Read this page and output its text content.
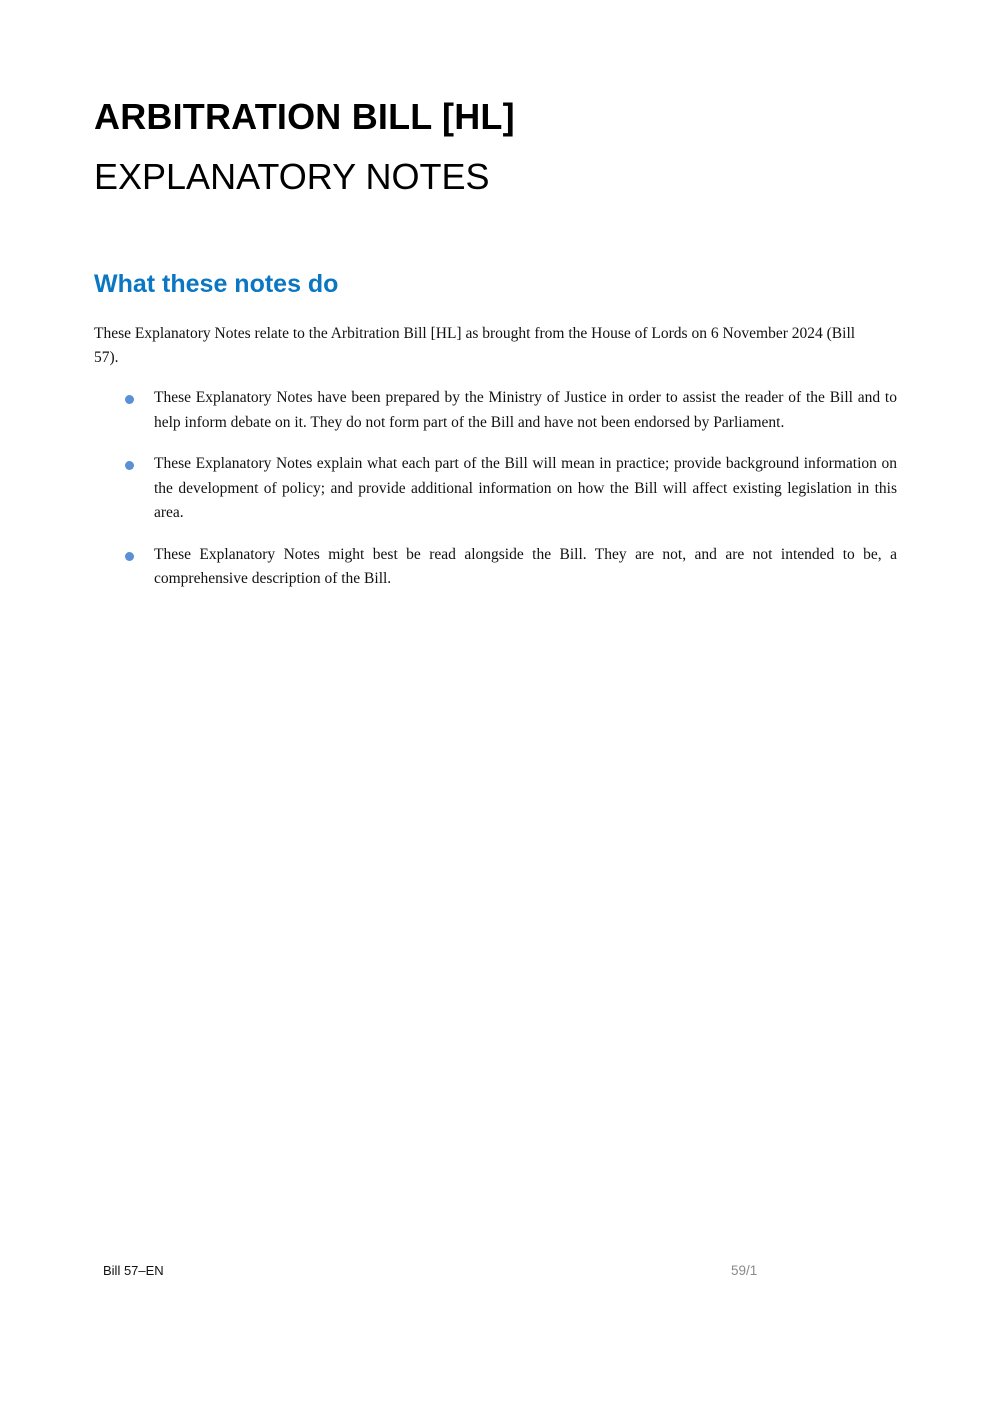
ARBITRATION BILL [HL]
EXPLANATORY NOTES
What these notes do

These Explanatory Notes relate to the Arbitration Bill [HL] as brought from the House of Lords on 6 November 2024 (Bill 57).

These Explanatory Notes have been prepared by the Ministry of Justice in order to assist the reader of the Bill and to help inform debate on it. They do not form part of the Bill and have not been endorsed by Parliament.
These Explanatory Notes explain what each part of the Bill will mean in practice; provide background information on the development of policy; and provide additional information on how the Bill will affect existing legislation in this area.
These Explanatory Notes might best be read alongside the Bill. They are not, and are not intended to be, a comprehensive description of the Bill.
Bill 57–EN	59/1
